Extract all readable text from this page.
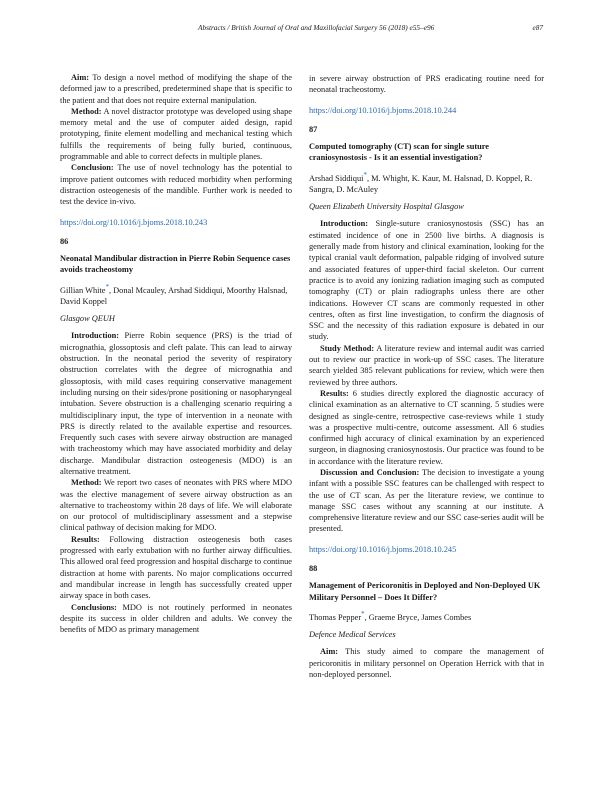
Abstracts / British Journal of Oral and Maxillofacial Surgery 56 (2018) e55–e96	e87

Aim: To design a novel method of modifying the shape of the deformed jaw to a prescribed, predetermined shape that is specific to the patient and that does not require external manipulation.

Method: A novel distractor prototype was developed using shape memory metal and the use of computer aided design, rapid prototyping, finite element modelling and mechanical testing which fulfills the requirements of being fully buried, continuous, programmable and able to correct defects in multiple planes.

Conclusion: The use of novel technology has the potential to improve patient outcomes with reduced morbidity when performing distraction osteogenesis of the mandible. Further work is needed to test the device in-vivo.

https://doi.org/10.1016/j.bjoms.2018.10.243

86

Neonatal Mandibular distraction in Pierre Robin Sequence cases avoids tracheostomy

Gillian White*, Donal Mcauley, Arshad Siddiqui, Moorthy Halsnad, David Koppel

Glasgow QEUH

Introduction: Pierre Robin sequence (PRS) is the triad of micrognathia, glossoptosis and cleft palate. This can lead to airway obstruction. In the neonatal period the severity of respiratory obstruction correlates with the degree of micrognathia and glossoptosis, with mild cases requiring conservative management including nursing on their sides/prone positioning or nasopharyngeal intubation. Severe obstruction is a challenging scenario requiring a multidisciplinary input, the type of intervention in a neonate with PRS is directly related to the available expertise and resources. Frequently such cases with severe airway obstruction are managed with tracheostomy which may have associated morbidity and delay discharge. Mandibular distraction osteogenesis (MDO) is an alternative treatment.

Method: We report two cases of neonates with PRS where MDO was the elective management of severe airway obstruction as an alternative to tracheostomy within 28 days of life. We will elaborate on our protocol of multidisciplinary assessment and a stepwise clinical pathway of decision making for MDO.

Results: Following distraction osteogenesis both cases progressed with early extubation with no further airway difficulties. This allowed oral feed progression and hospital discharge to continue distraction at home with parents. No major complications occurred and mandibular increase in length has successfully created upper airway space in both cases.

Conclusions: MDO is not routinely performed in neonates despite its success in older children and adults. We convey the benefits of MDO as primary management

in severe airway obstruction of PRS eradicating routine need for neonatal tracheostomy.

https://doi.org/10.1016/j.bjoms.2018.10.244

87

Computed tomography (CT) scan for single suture craniosynostosis - Is it an essential investigation?

Arshad Siddiqui*, M. Whight, K. Kaur, M. Halsnad, D. Koppel, R. Sangra, D. McAuley

Queen Elizabeth University Hospital Glasgow

Introduction: Single-suture craniosynostosis (SSC) has an estimated incidence of one in 2500 live births. A diagnosis is generally made from history and clinical examination, looking for the typical cranial vault deformation, palpable ridging of involved suture and associated features of upper-third facial skeleton. Our current practice is to avoid any ionizing radiation imaging such as computed tomography (CT) or plain radiographs unless there are other indications. However CT scans are commonly requested in other centres, often as first line investigation, to confirm the diagnosis of SSC and the necessity of this radiation exposure is debated in our study.

Study Method: A literature review and internal audit was carried out to review our practice in work-up of SSC cases. The literature search yielded 385 relevant publications for review, which were then reviewed by three authors.

Results: 6 studies directly explored the diagnostic accuracy of clinical examination as an alternative to CT scanning. 5 studies were designed as single-centre, retrospective case-reviews while 1 study was a prospective multi-centre, outcome assessment. All 6 studies confirmed high accuracy of clinical examination by an experienced surgeon, in diagnosing craniosynostosis. Our practice was found to be in accordance with the literature review.

Discussion and Conclusion: The decision to investigate a young infant with a possible SSC features can be challenged with respect to the use of CT scan. As per the literature review, we continue to manage SSC cases without any scanning at our institute. A comprehensive literature review and our SSC case-series audit will be presented.

https://doi.org/10.1016/j.bjoms.2018.10.245

88

Management of Pericoronitis in Deployed and Non-Deployed UK Military Personnel – Does It Differ?

Thomas Pepper*, Graeme Bryce, James Combes

Defence Medical Services

Aim: This study aimed to compare the management of pericoronitis in military personnel on Operation Herrick with that in non-deployed personnel.
